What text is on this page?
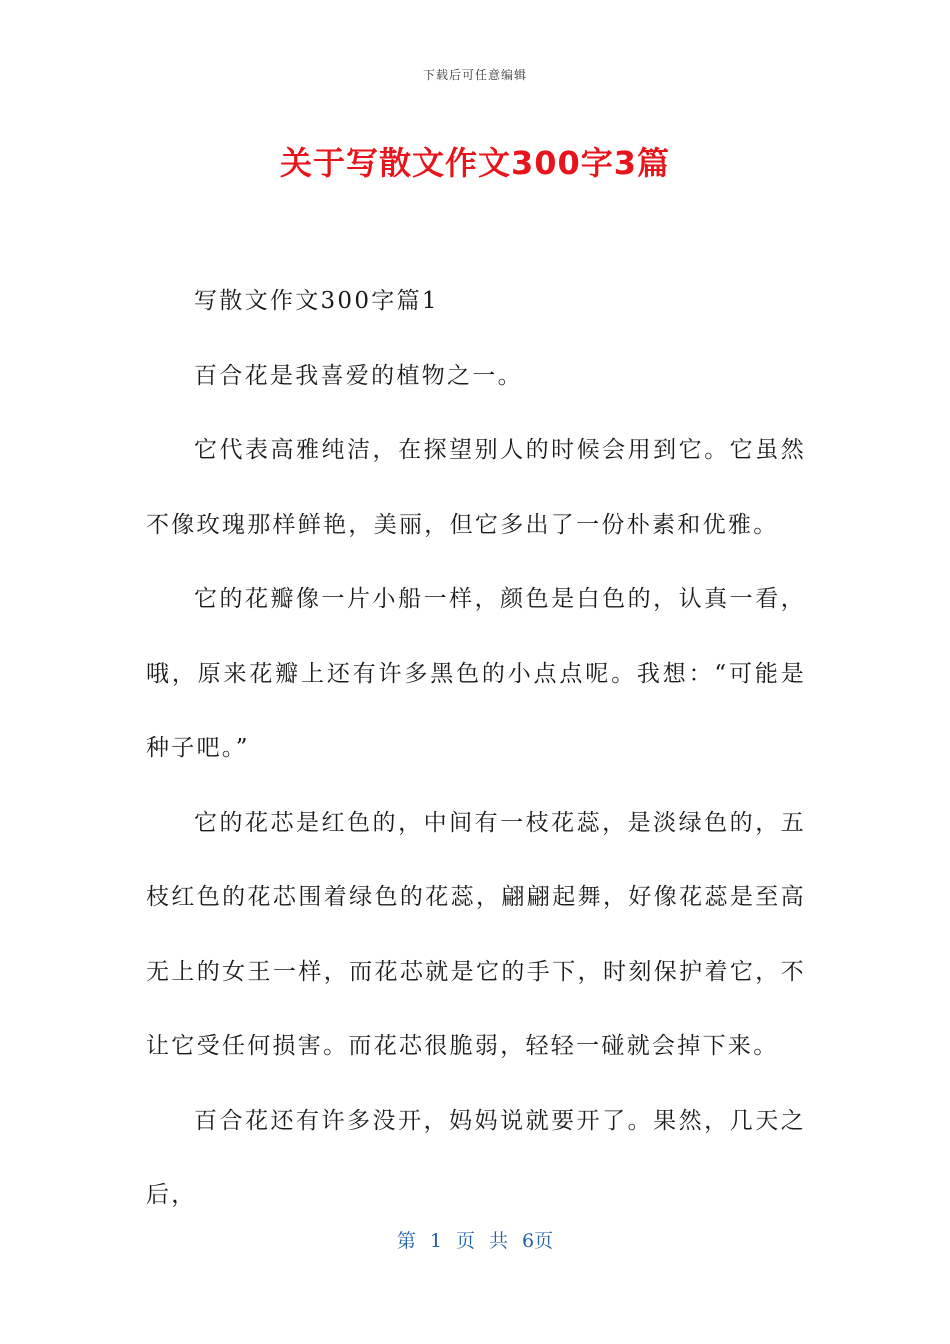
下载后可任意编辑
关于写散文作文300字3篇

写散文作文300字篇1

百合花是我喜爱的植物之一。

它代表高雅纯洁，在探望别人的时候会用到它。它虽然不像玫瑰那样鲜艳，美丽，但它多出了一份朴素和优雅。

它的花瓣像一片小船一样，颜色是白色的，认真一看，哦，原来花瓣上还有许多黑色的小点点呢。我想：“可能是种子吧。”

它的花芯是红色的，中间有一枝花蕊，是淡绿色的，五枝红色的花芯围着绿色的花蕊，翩翩起舞，好像花蕊是至高无上的女王一样，而花芯就是它的手下，时刻保护着它，不让它受任何损害。而花芯很脆弱，轻轻一碰就会掉下来。

百合花还有许多没开，妈妈说就要开了。果然，几天之后，

第 1 页 共 6页
